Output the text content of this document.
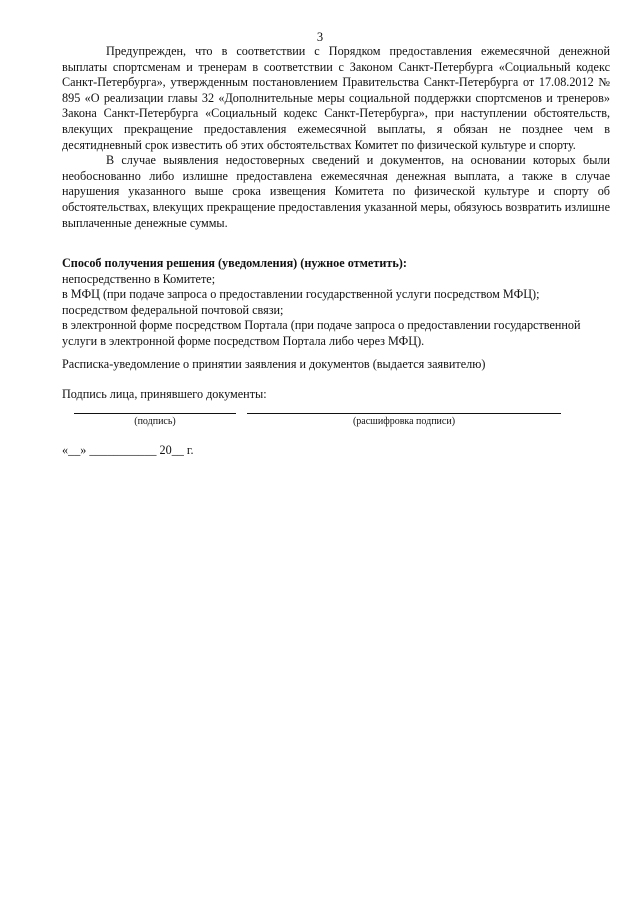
3

Предупрежден, что в соответствии с Порядком предоставления ежемесячной денежной выплаты спортсменам и тренерам в соответствии с Законом Санкт-Петербурга «Социальный кодекс Санкт-Петербурга», утвержденным постановлением Правительства Санкт-Петербурга от 17.08.2012 № 895 «О реализации главы 32 «Дополнительные меры социальной поддержки спортсменов и тренеров» Закона Санкт-Петербурга «Социальный кодекс Санкт-Петербурга», при наступлении обстоятельств, влекущих прекращение предоставления ежемесячной выплаты, я обязан не позднее чем в десятидневный срок известить об этих обстоятельствах Комитет по физической культуре и спорту.

В случае выявления недостоверных сведений и документов, на основании которых были необоснованно либо излишне предоставлена ежемесячная денежная выплата, а также в случае нарушения указанного выше срока извещения Комитета по физической культуре и спорту об обстоятельствах, влекущих прекращение предоставления указанной меры, обязуюсь возвратить излишне выплаченные денежные суммы.

Способ получения решения (уведомления) (нужное отметить):

непосредственно в Комитете;

в МФЦ (при подаче запроса о предоставлении государственной услуги посредством МФЦ);

посредством федеральной почтовой связи;

в электронной форме посредством Портала (при подаче запроса о предоставлении государственной услуги в электронной форме посредством Портала либо через МФЦ).

Расписка-уведомление о принятии заявления и документов (выдается заявителю)

Подпись лица, принявшего документы:

(подпись)	(расшифровка подписи)

«__» ___________ 20__ г.
